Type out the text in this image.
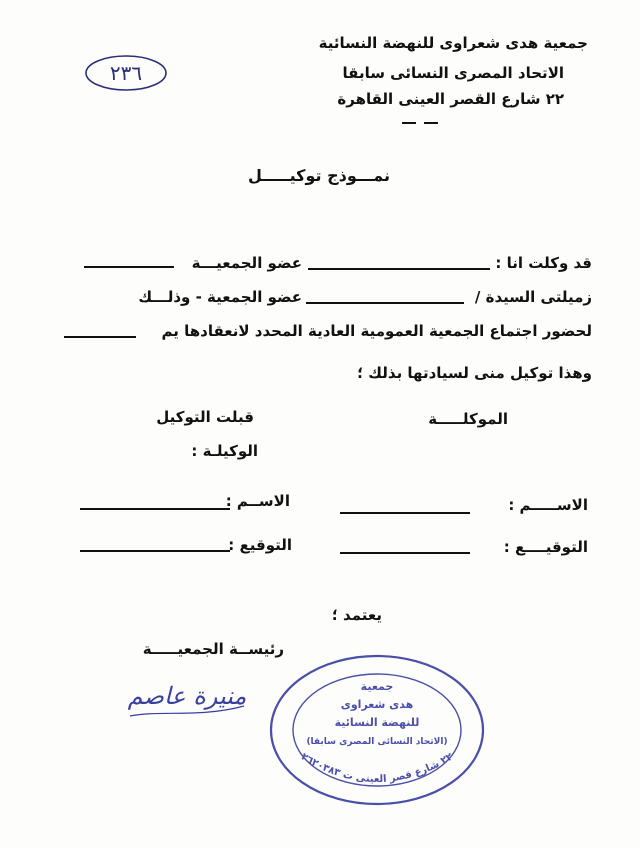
٢٣٦
جمعية هدى شعراوى للنهضة النسائية
الاتحاد المصرى النسائى سابقا
٢٢ شارع القصر العينى القاهرة
نمـــوذج توكيـــــل
قد وكلت انا :
عضو الجمعيـــة
زميلتى السيدة /
عضو الجمعية - وذلـــك
لحضور اجتماع الجمعية العمومية العادية المحدد لانعقادها يم
وهذا توكيل منى لسيادتها بذلك ؛
الموكلـــــة
قبلت التوكيل
الوكيلـة :
الاســـــم :
الاســم :
التوقيــــع :
التوقيع :
يعتمد ؛
رئيســة الجمعيـــــة
منيرة عاصم	جمعية
هدى شعراوى
للنهضة النسائية
(الاتحاد النسائى المصرى سابقا)
٢٢ شارع قصر العينى ت ٢٦٢٠٣٨٣
